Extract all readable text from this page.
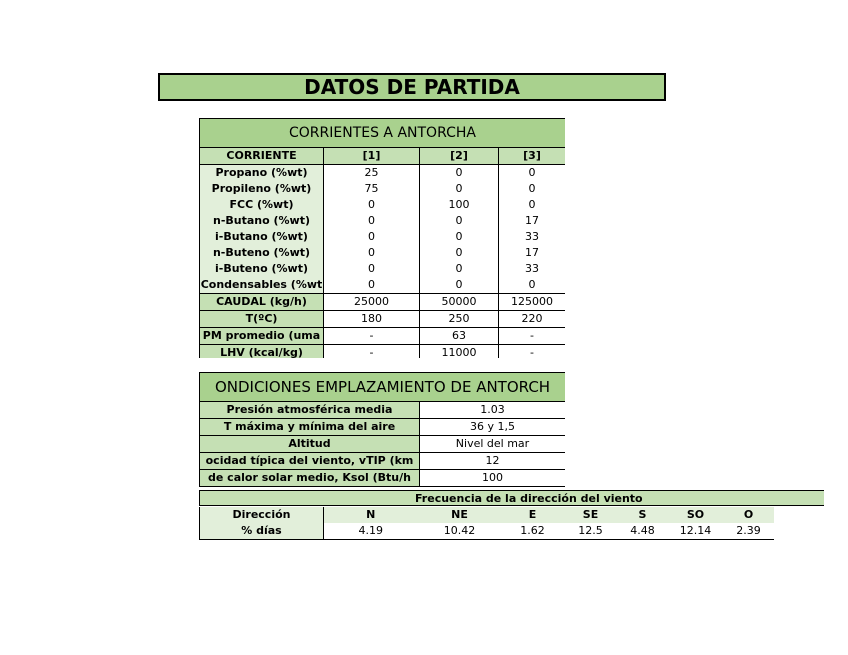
DATOS DE PARTIDA
CORRIENTES A ANTORCHA			
CORRIENTE	[1]	[2]	[3]
Propano (%wt)	25	0	0
Propileno (%wt)	75	0	0
FCC (%wt)	0	100	0
n-Butano (%wt)	0	0	17
i-Butano (%wt)	0	0	33
n-Buteno (%wt)	0	0	17
i-Buteno (%wt)	0	0	33
Condensables (%wt	0	0	0
CAUDAL (kg/h)	25000	50000	125000
T(ºC)	180	250	220
PM promedio (uma	-	63	-
LHV (kcal/kg)	-	11000	-
ONDICIONES EMPLAZAMIENTO DE ANTORCH	
Presión atmosférica media	1.03
T máxima y mínima del aire	36 y 1,5
Altitud	Nivel del mar
ocidad típica del viento, vTIP (km	12
de calor solar medio, Ksol (Btu/h	100
Frecuencia de la dirección del viento
Dirección	N	NE	E	SE	S	SO	O
% días	4.19	10.42	1.62	12.5	4.48	12.14	2.39
